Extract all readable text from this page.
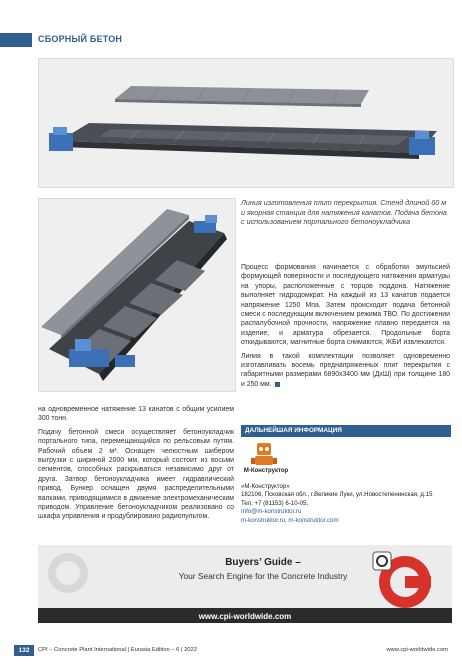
СБОРНЫЙ БЕТОН
Линия изготовления плит перекрытия. Стенд длиной 60 м и якорная станция для натяжения канатов. Подача бетона с использованием портального бетоноукладчика

Процесс формования начинается с обработки эмульсией формующей поверхности и последующего натяжения арматуры на упоры, расположенные с торцов поддона. Натяжение выполняет гидродомкрат. На каждый из 13 канатов подается напряжение 1250 Мпа. Затем происходит подача бетонной смеси с последующим включением режима ТВО. По достижении распалубочной прочности, напряжение плавно передается на изделие, и арматура обрезается. Продольные борта откидываются, магнитные борта снимаются, ЖБИ извлекаются.

Линия в такой комплектации позволяет одновременно изготавливать восемь преднапряженных плит перекрытия с габаритными размерами 6890х3400 мм (ДхШ) при толщине 180 и 250 мм.

на одновременное натяжение 13 канатов с общим усилием 300 тонн.

Подачу бетонной смеси осуществляет бетоноукладчик портального типа, перемещающийся по рельсовым путям. Рабочий объем 2 м³. Оснащен челюстным шибером выгрузки с шириной 2000 мм, который состоит из восьми сегментов, способных раскрываться независимо друг от друга. Затвор бетоноукладчика имеет гидравлический привод. Бункер оснащен двумя распределительными валками, приводящимися в движение электромеханическим приводом. Управление бетоноукладчиком реализовано со шкафа управления и продублировано радиопультом.

ДАЛЬНЕЙШАЯ ИНФОРМАЦИЯ
М-Конструктор
«М-Конструктор»
182106, Псковская обл., г.Великие Луки, ул.Новостепенинская, д.15
Тел. +7 (81153) 6-10-05,
Info@m-konstruktor.ru
m-konstruktor.ru, m-konstruktor.com
Buyers’ Guide –
Your Search Engine for the Concrete Industry
www.cpi-worldwide.com
132	CPI – Concrete Plant International | Eurasia Edition – 6 | 2022	www.cpi-worldwide.com
